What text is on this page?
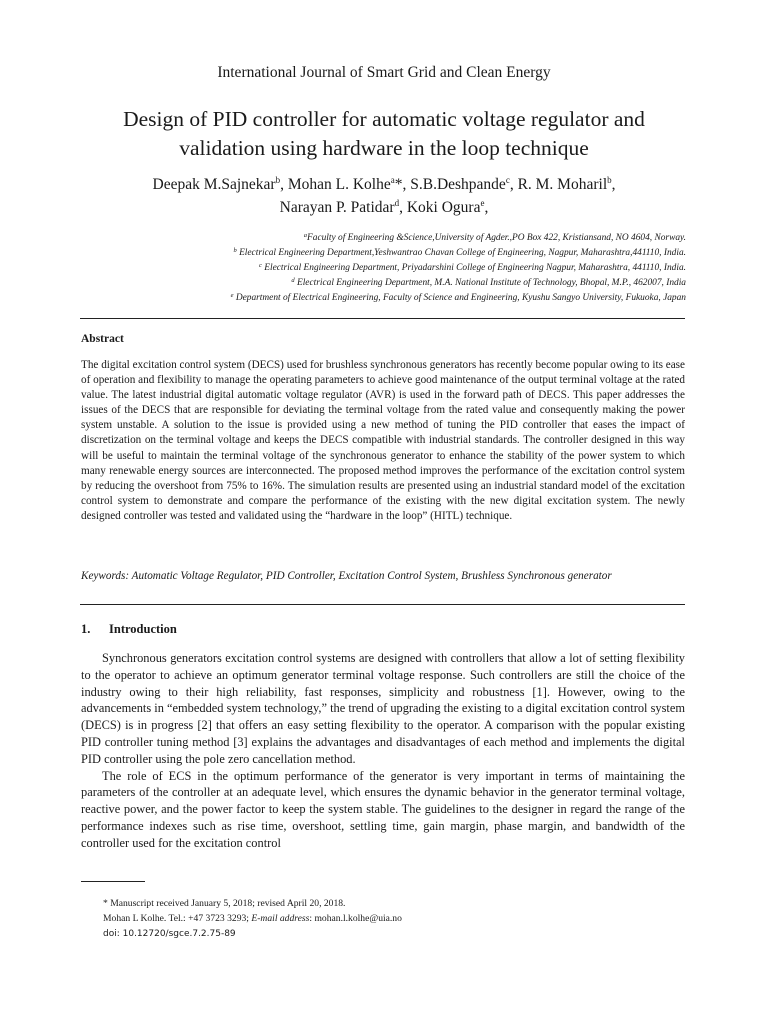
International Journal of Smart Grid and Clean Energy
Design of PID controller for automatic voltage regulator and
validation using hardware in the loop technique
Deepak M.Sajnekar$^b$, Mohan L. Kolhe$^a$*, S.B.Deshpande$^c$, R. M. Moharil$^b$,
Narayan P. Patidar$^d$, Koki Ogura$^e$,
$^a$Faculty of Engineering &Science,University of Agder.,PO Box 422, Kristiansand, NO 4604, Norway.
$^b$ Electrical Engineering Department,Yeshwantrao Chavan College of Engineering, Nagpur, Maharashtra,441110, India.
$^c$ Electrical Engineering Department, Priyadarshini College of Engineering Nagpur, Maharashtra, 441110, India.
$^d$ Electrical Engineering Department, M.A. National Institute of Technology, Bhopal, M.P., 462007, India
$^e$ Department of Electrical Engineering, Faculty of Science and Engineering, Kyushu Sangyo University, Fukuoka, Japan
Abstract
The digital excitation control system (DECS) used for brushless synchronous generators has recently become popular owing to its ease of operation and flexibility to manage the operating parameters to achieve good maintenance of the output terminal voltage at the rated value. The latest industrial digital automatic voltage regulator (AVR) is used in the forward path of DECS. This paper addresses the issues of the DECS that are responsible for deviating the terminal voltage from the rated value and consequently making the power system unstable. A solution to the issue is provided using a new method of tuning the PID controller that eases the impact of discretization on the terminal voltage and keeps the DECS compatible with industrial standards. The controller designed in this way will be useful to maintain the terminal voltage of the synchronous generator to enhance the stability of the power system to which many renewable energy sources are interconnected. The proposed method improves the performance of the excitation control system by reducing the overshoot from 75% to 16%. The simulation results are presented using an industrial standard model of the excitation control system to demonstrate and compare the performance of the existing with the new digital excitation system. The newly designed controller was tested and validated using the “hardware in the loop” (HITL) technique.
Keywords: Automatic Voltage Regulator, PID Controller, Excitation Control System, Brushless Synchronous generator
1. Introduction

Synchronous generators excitation control systems are designed with controllers that allow a lot of setting flexibility to the operator to achieve an optimum generator terminal voltage response. Such controllers are still the choice of the industry owing to their high reliability, fast responses, simplicity and robustness [1]. However, owing to the advancements in “embedded system technology,” the trend of upgrading the existing to a digital excitation control system (DECS) is in progress [2] that offers an easy setting flexibility to the operator. A comparison with the popular existing PID controller tuning method [3] explains the advantages and disadvantages of each method and implements the digital PID controller using the pole zero cancellation method.

The role of ECS in the optimum performance of the generator is very important in terms of maintaining the parameters of the controller at an adequate level, which ensures the dynamic behavior in the generator terminal voltage, reactive power, and the power factor to keep the system stable. The guidelines to the designer in regard the range of the performance indexes such as rise time, overshoot, settling time, gain margin, phase margin, and bandwidth of the controller used for the excitation control

* Manuscript received January 5, 2018; revised April 20, 2018.
Mohan L Kolhe. Tel.: +47 3723 3293; E-mail address: mohan.l.kolhe@uia.no
doi: 10.12720/sgce.7.2.75-89
